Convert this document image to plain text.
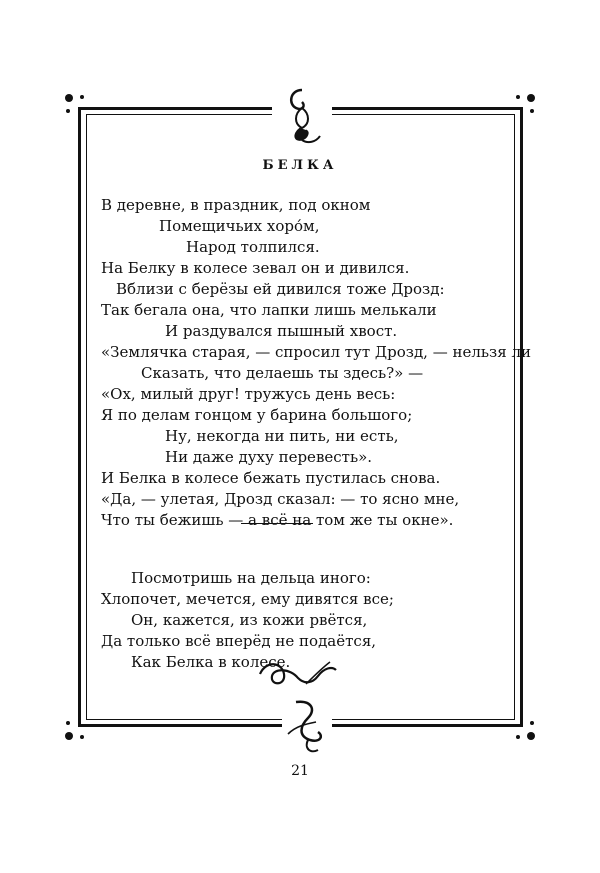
БЕЛКА
В деревне, в праздник, под окном
Помещичьих хоро́м,
Народ толпился.
На Белку в колесе зевал он и дивился.
Вблизи с берёзы ей дивился тоже Дрозд:
Так бегала она, что лапки лишь мелькали
И раздувался пышный хвост.
«Землячка старая, — спросил тут Дрозд, — нельзя ли
Сказать, что делаешь ты здесь?» —
«Ох, милый друг! тружусь день весь:
Я по делам гонцом у барина большого;
Ну, некогда ни пить, ни есть,
Ни даже духу перевесть».
И Белка в колесе бежать пустилась снова.
«Да, — улетая, Дрозд сказал: — то ясно мне,
Что ты бежишь — а всё на том же ты окне».
Посмотришь на дельца иного:
Хлопочет, мечется, ему дивятся все;
Он, кажется, из кожи рвётся,
Да только всё вперёд не подаётся,
Как Белка в колесе.
21
